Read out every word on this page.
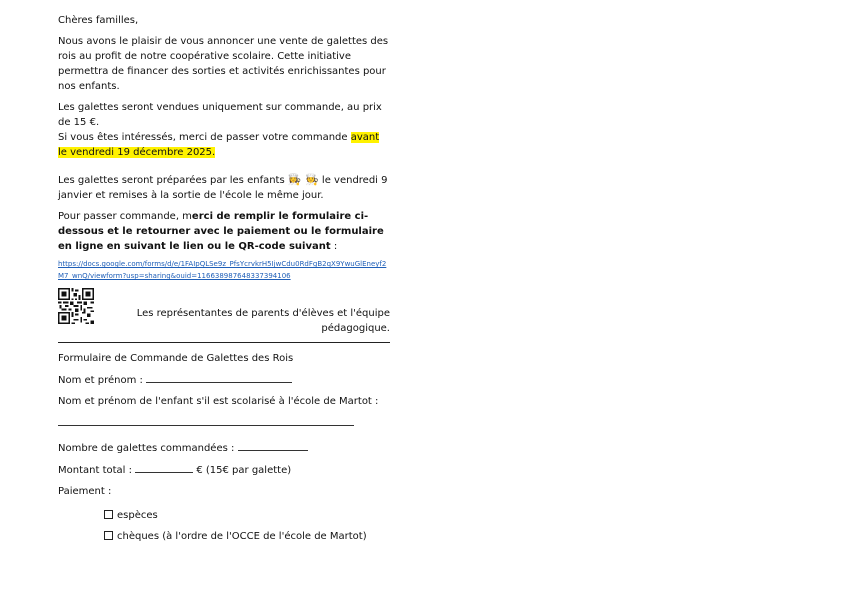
Chères familles,

Nous avons le plaisir de vous annoncer une vente de galettes des rois au profit de notre coopérative scolaire. Cette initiative permettra de financer des sorties et activités enrichissantes pour nos enfants.

Les galettes seront vendues uniquement sur commande, au prix de 15 €.
Si vous êtes intéressés, merci de passer votre commande avant le vendredi 19 décembre 2025.

Les galettes seront préparées par les enfants 👩‍🍳 🧑‍🍳 le vendredi 9 janvier et remises à la sortie de l'école le même jour.

Pour passer commande, merci de remplir le formulaire ci-dessous et le retourner avec le paiement ou le formulaire en ligne en suivant le lien ou le QR-code suivant :

https://docs.google.com/forms/d/e/1FAIpQLSe9z_PfsYcrvkrH5IjwCdu0RdFgB2qX9YwuGlEneyf2M7_wnQ/viewform?usp=sharing&ouid=116638987648337394106
Les représentantes de parents d'élèves et l'équipe pédagogique.
Formulaire de Commande de Galettes des Rois
Nom et prénom :
Nom et prénom de l'enfant s'il est scolarisé à l'école de Martot :
Nombre de galettes commandées :
Montant total :	€ (15€ par galette)
Paiement :
espèces
chèques (à l'ordre de l'OCCE de l'école de Martot)
